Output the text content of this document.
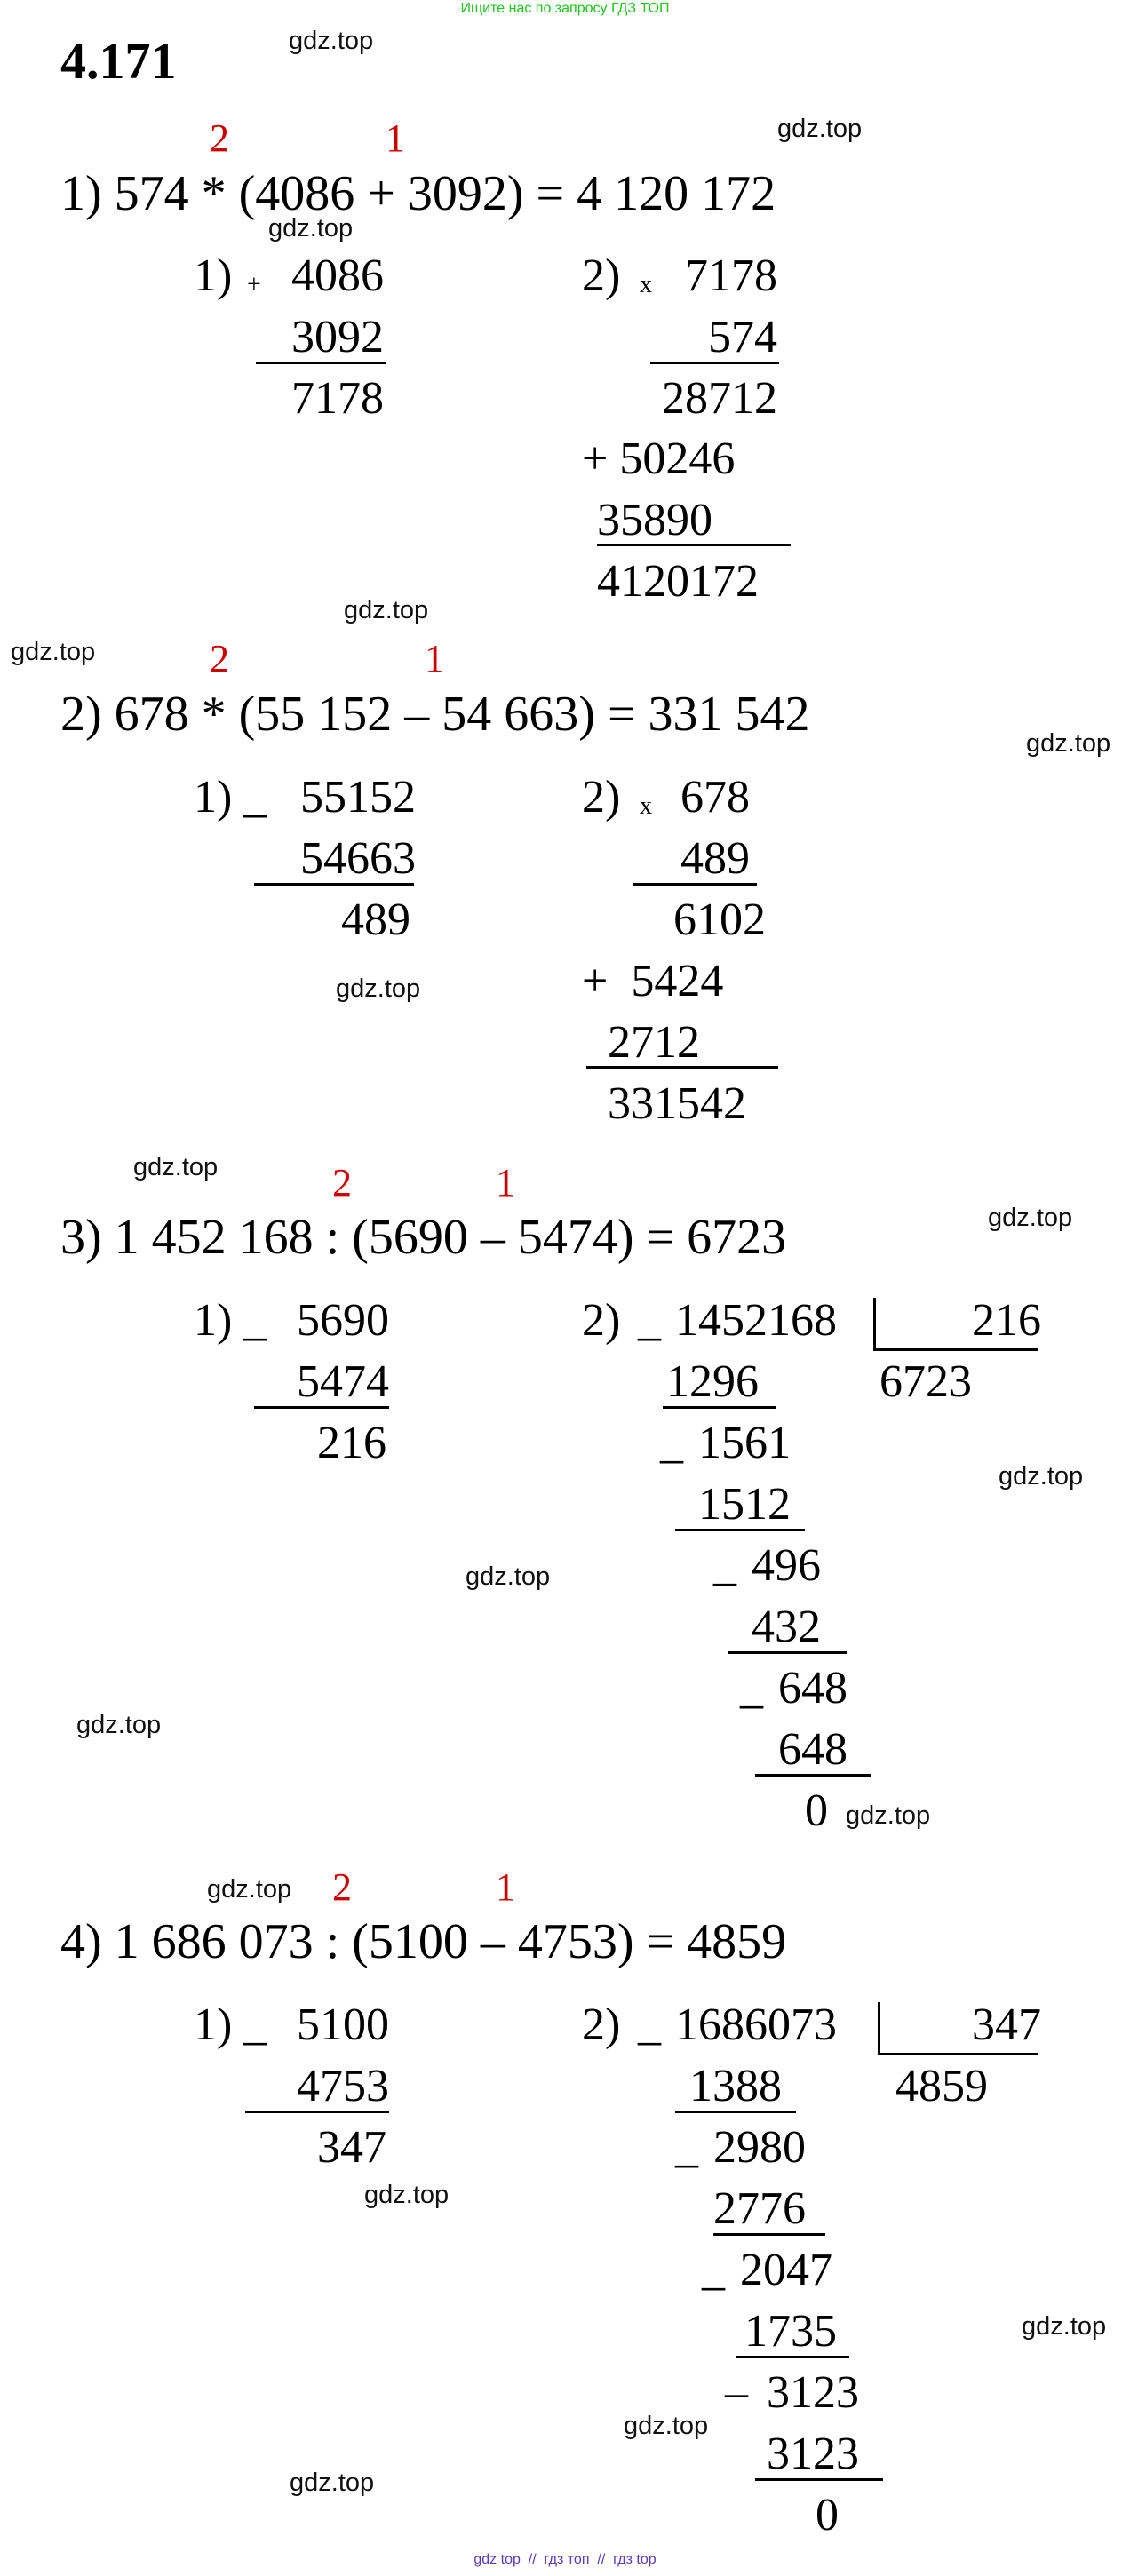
Ищите нас по запросу ГДЗ ТОП
4.171	gdz.top
gdz.top
gdz.top
gdz.top
gdz.top
gdz.top
gdz.top
gdz.top
gdz.top
gdz.top
gdz.top
gdz.top
gdz.top
gdz.top
gdz.top
gdz.top
gdz.top
gdz.top
2	1
1) 574 * (4086 + 3092) = 4 120 172
1) + 4086
3092
7178
2) x 7178
574
28712
+ 50246
35890
4120172
2	1
2) 678 * (55 152 – 54 663) = 331 542
1) _ 55152
54663
489
2) x 678
489
6102
+  5424
2712
331542
2	1
3) 1 452 168 : (5690 – 5474) = 6723
1) _ 5690
5474
216
2) _ 1452168	216
6723
1296
_ 1561
1512
_ 496
432
_ 648
648
0
2	1
4) 1 686 073 : (5100 – 4753) = 4859
1) _ 5100
4753
347
2) _ 1686073	347
4859
1388
_ 2980
2776
_ 2047
1735
– 3123
3123
0
gdz top  //  гдз топ  //  гдз top
